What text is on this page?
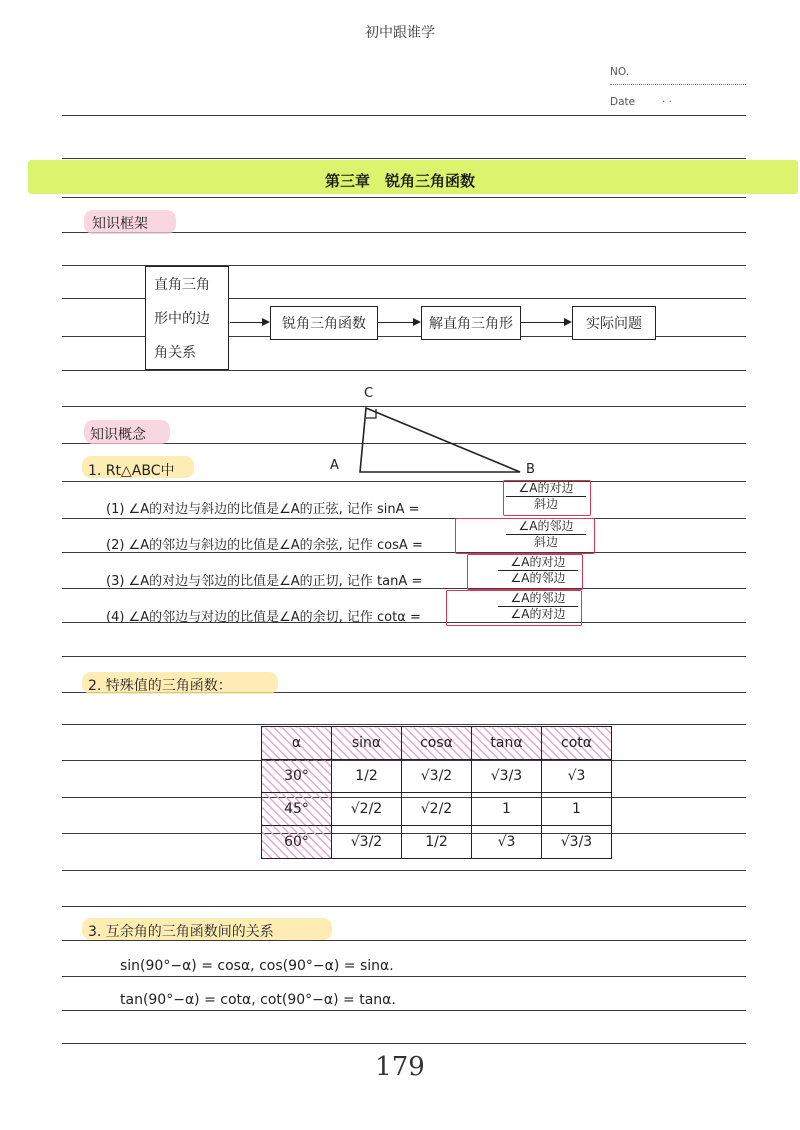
初中跟谁学
NO.
Date	· ·
第三章　锐角三角函数
知识框架
直角三角
形中的边
角关系
锐角三角函数	解直角三角形	实际问题
C
A	B
知识概念
1. Rt△ABC中
(1) ∠A的对边与斜边的比值是∠A的正弦, 记作 sinA =
∠A的对边
斜边
(2) ∠A的邻边与斜边的比值是∠A的余弦, 记作 cosA =
∠A的邻边
斜边
(3) ∠A的对边与邻边的比值是∠A的正切, 记作 tanA =
∠A的对边
∠A的邻边
(4) ∠A的邻边与对边的比值是∠A的余切, 记作 cotα =
∠A的邻边
∠A的对边
2. 特殊值的三角函数：
α	sinα	cosα	tanα	cotα
30°	1/2	√3/2	√3/3	√3
45°	√2/2	√2/2	1	1
60°	√3/2	1/2	√3	√3/3
3. 互余角的三角函数间的关系
sin(90°−α) = cosα, cos(90°−α) = sinα.
tan(90°−α) = cotα, cot(90°−α) = tanα.
179
